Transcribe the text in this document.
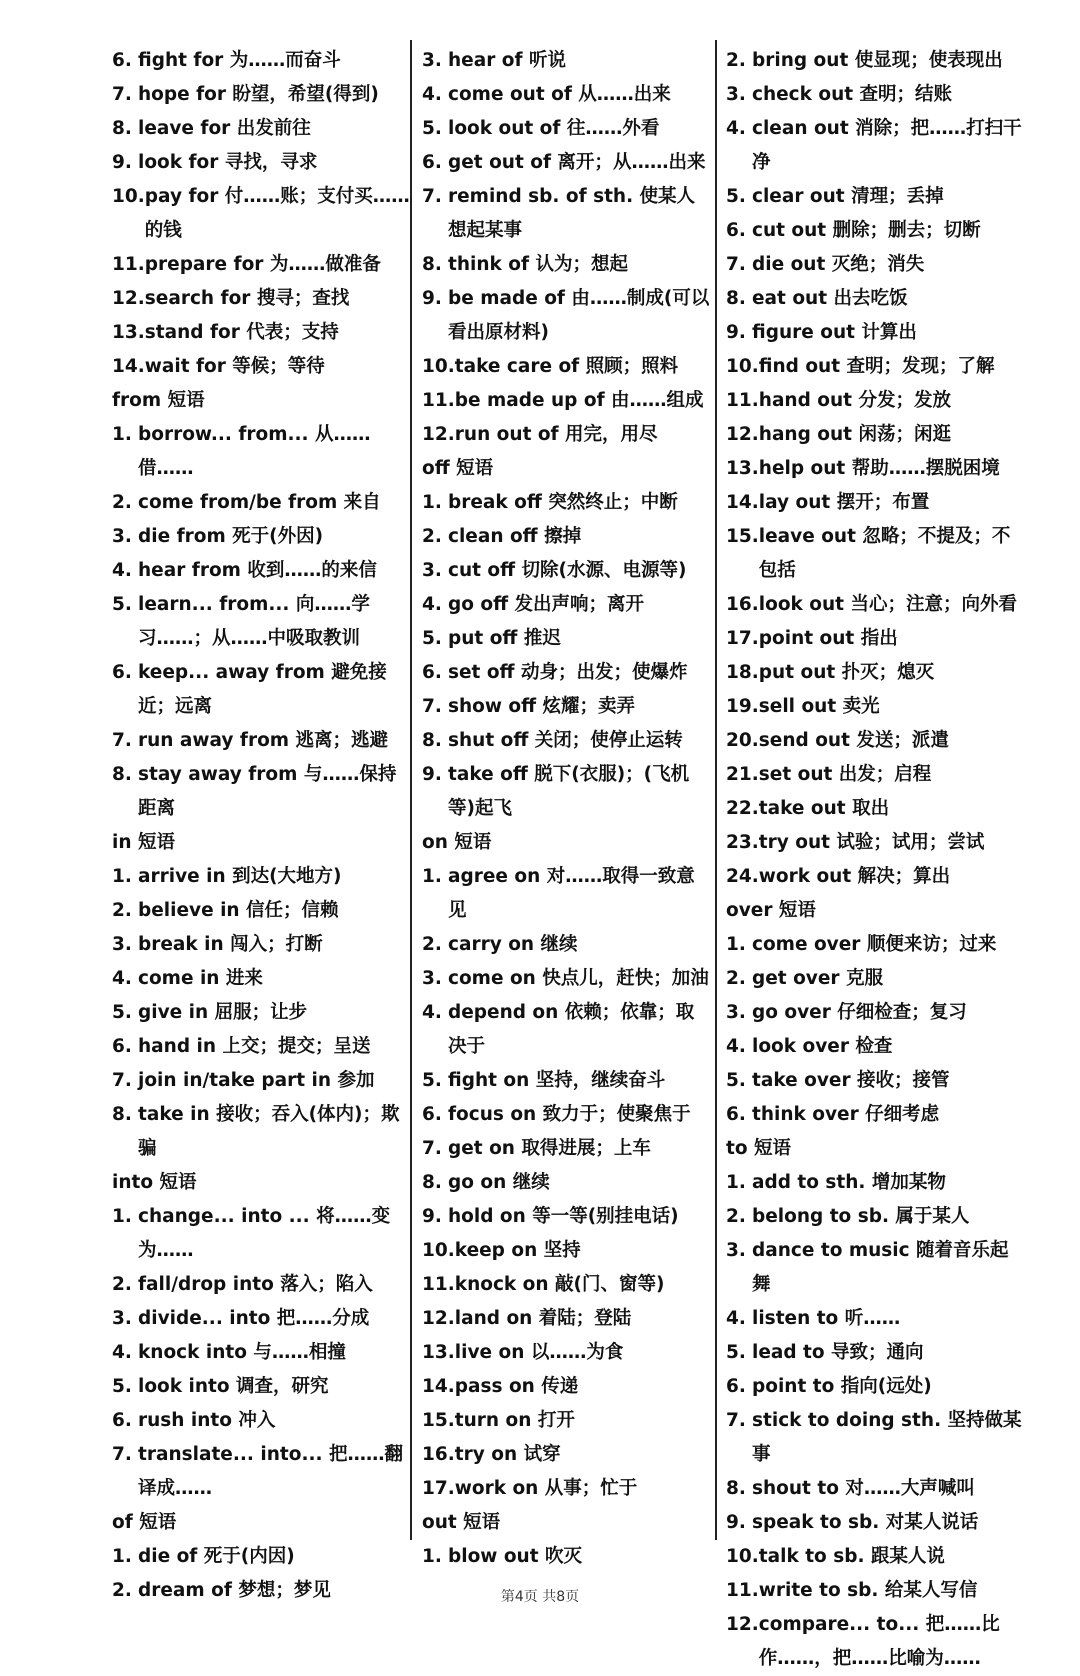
6. fight for 为……而奋斗
7. hope for 盼望，希望(得到)
8. leave for 出发前往
9. look for 寻找，寻求
10. pay for 付……账；支付买……的钱
11. prepare for 为……做准备
12. search for 搜寻；查找
13. stand for 代表；支持
14. wait for 等候；等待
from 短语
1. borrow... from... 从……借……
2. come from/be from 来自
3. die from 死于(外因)
4. hear from 收到……的来信
5. learn... from... 向……学习……；从……中吸取教训
6. keep... away from 避免接近；远离
7. run away from 逃离；逃避
8. stay away from 与……保持距离
in 短语
1. arrive in 到达(大地方)
2. believe in 信任；信赖
3. break in 闯入；打断
4. come in 进来
5. give in 屈服；让步
6. hand in 上交；提交；呈送
7. join in/take part in 参加
8. take in 接收；吞入(体内)；欺骗
into 短语
1. change... into ... 将……变为……
2. fall/drop into 落入；陷入
3. divide... into 把……分成
4. knock into 与……相撞
5. look into 调查，研究
6. rush into 冲入
7. translate... into... 把……翻译成……
of 短语
1. die of 死于(内因)
2. dream of 梦想；梦见
3. hear of 听说
4. come out of 从……出来
5. look out of 往……外看
6. get out of 离开；从……出来
7. remind sb. of sth. 使某人想起某事
8. think of 认为；想起
9. be made of 由……制成(可以看出原材料)
10. take care of 照顾；照料
11. be made up of 由……组成
12. run out of 用完，用尽
off 短语
1. break off 突然终止；中断
2. clean off 擦掉
3. cut off 切除(水源、电源等)
4. go off 发出声响；离开
5. put off 推迟
6. set off 动身；出发；使爆炸
7. show off 炫耀；卖弄
8. shut off 关闭；使停止运转
9. take off 脱下(衣服)；(飞机等)起飞
on 短语
1. agree on 对……取得一致意见
2. carry on 继续
3. come on 快点儿，赶快；加油
4. depend on 依赖；依靠；取决于
5. fight on 坚持，继续奋斗
6. focus on 致力于；使聚焦于
7. get on 取得进展；上车
8. go on 继续
9. hold on 等一等(别挂电话)
10. keep on 坚持
11. knock on 敲(门、窗等)
12. land on 着陆；登陆
13. live on 以……为食
14. pass on 传递
15. turn on 打开
16. try on 试穿
17. work on 从事；忙于
out 短语
1. blow out 吹灭
2. bring out 使显现；使表现出
3. check out 查明；结账
4. clean out 消除；把……打扫干净
5. clear out 清理；丢掉
6. cut out 删除；删去；切断
7. die out 灭绝；消失
8. eat out 出去吃饭
9. figure out 计算出
10. find out 查明；发现；了解
11. hand out 分发；发放
12. hang out 闲荡；闲逛
13. help out 帮助……摆脱困境
14. lay out 摆开；布置
15. leave out 忽略；不提及；不包括
16. look out 当心；注意；向外看
17. point out 指出
18. put out 扑灭；熄灭
19. sell out 卖光
20. send out 发送；派遣
21. set out 出发；启程
22. take out 取出
23. try out 试验；试用；尝试
24. work out 解决；算出
over 短语
1. come over 顺便来访；过来
2. get over 克服
3. go over 仔细检查；复习
4. look over 检查
5. take over 接收；接管
6. think over 仔细考虑
to 短语
1. add to sth. 增加某物
2. belong to sb. 属于某人
3. dance to music 随着音乐起舞
4. listen to 听……
5. lead to 导致；通向
6. point to 指向(远处)
7. stick to doing sth. 坚持做某事
8. shout to 对……大声喊叫
9. speak to sb. 对某人说话
10. talk to sb. 跟某人说
11. write to sb. 给某人写信
12. compare... to... 把……比作……，把……比喻为……
第4页 共8页
